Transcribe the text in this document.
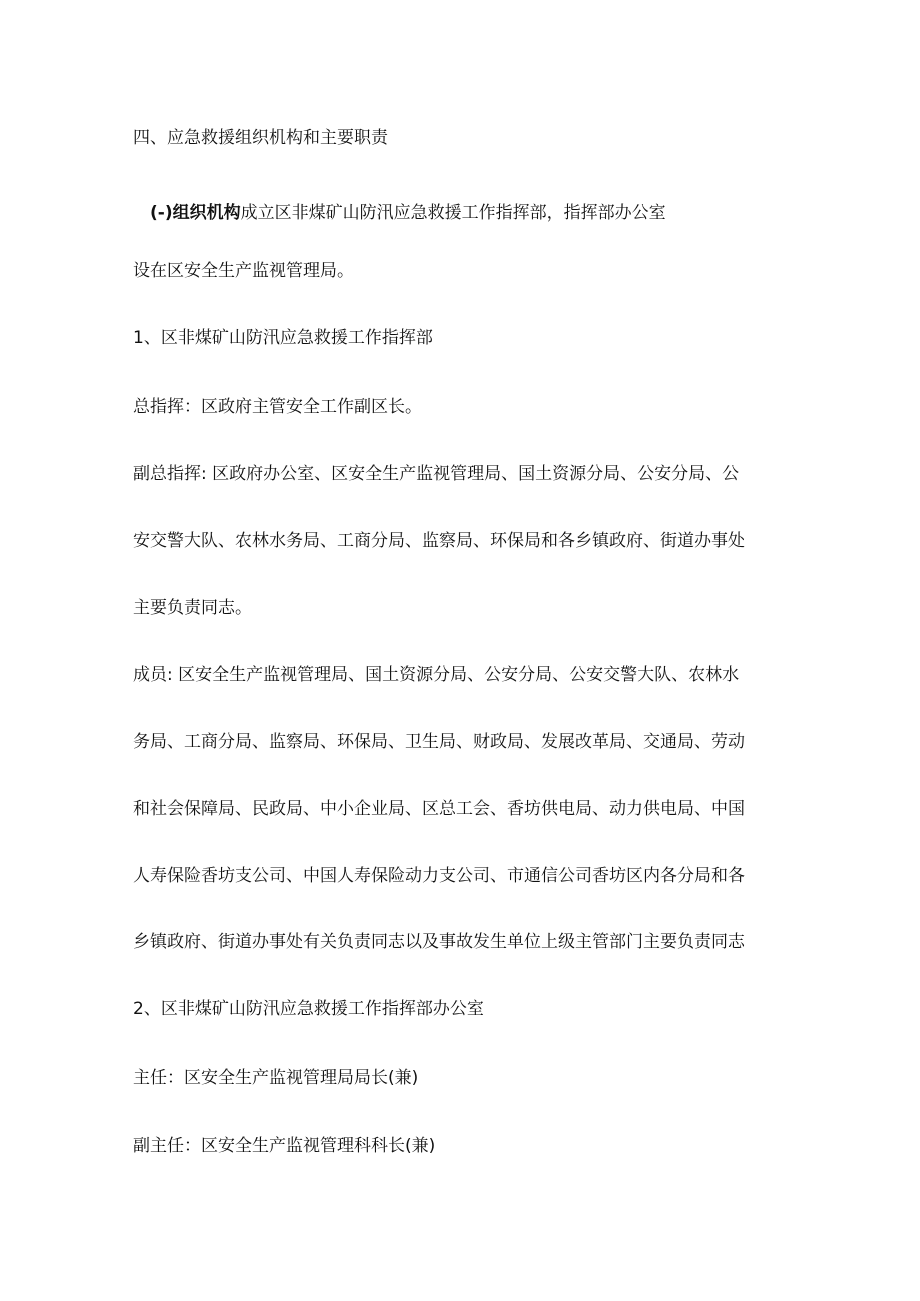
四、应急救援组织机构和主要职责
(-)组织机构成立区非煤矿山防汛应急救援工作指挥部，指挥部办公室
设在区安全生产监视管理局。
1、区非煤矿山防汛应急救援工作指挥部
总指挥：区政府主管安全工作副区长。
副总指挥: 区政府办公室、区安全生产监视管理局、国土资源分局、公安分局、公
安交警大队、农林水务局、工商分局、监察局、环保局和各乡镇政府、街道办事处
主要负责同志。
成员: 区安全生产监视管理局、国土资源分局、公安分局、公安交警大队、农林水
务局、工商分局、监察局、环保局、卫生局、财政局、发展改革局、交通局、劳动
和社会保障局、民政局、中小企业局、区总工会、香坊供电局、动力供电局、中国
人寿保险香坊支公司、中国人寿保险动力支公司、市通信公司香坊区内各分局和各
乡镇政府、街道办事处有关负责同志以及事故发生单位上级主管部门主要负责同志
2、区非煤矿山防汛应急救援工作指挥部办公室
主任：区安全生产监视管理局局长(兼)
副主任：区安全生产监视管理科科长(兼)
